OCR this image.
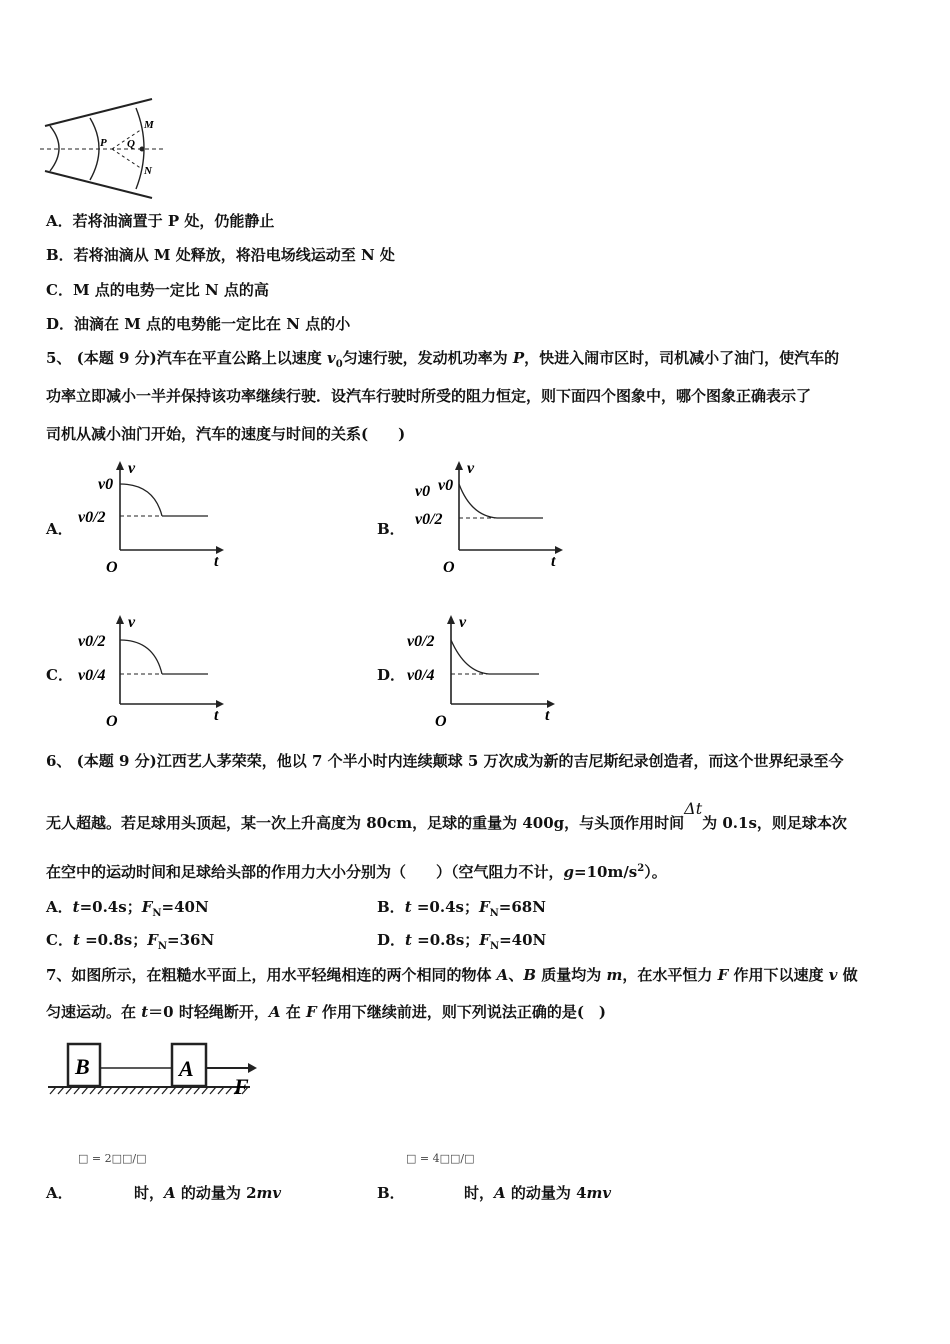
M
P Q
N
A．若将油滴置于 P 处，仍能静止
B．若将油滴从 M 处释放，将沿电场线运动至 N 处
C．M 点的电势一定比 N 点的高
D．油滴在 M 点的电势能一定比在 N 点的小
5、 (本题 9 分)汽车在平直公路上以速度 $v_0$匀速行驶，发动机功率为 P，快进入闹市区时，司机减小了油门，使汽车的
功率立即减小一半并保持该功率继续行驶．设汽车行驶时所受的阻力恒定，则下面四个图象中，哪个图象正确表示了
司机从减小油门开始，汽车的速度与时间的关系(　　)
A．	B．
C．	D．
v
v0
v0/2
t
O
v
v0 v0
v0/2
t
O
v
v0/2
v0/4
t
O
v
v0/2
v0/4
t
O
6、 (本题 9 分)江西艺人茅荣荣，他以 7 个半小时内连续颠球 5 万次成为新的吉尼斯纪录创造者，而这个世界纪录至今
无人超越。若足球用头顶起，某一次上升高度为 80cm，足球的重量为 400g，与头顶作用时间Δt为 0.1s，则足球本次
在空中的运动时间和足球给头部的作用力大小分别为（　　）（空气阻力不计，$g=10m/s^2$）。
A．t=0.4s；$F_N=40N$	B．t =0.4s；$F_N=68N$
C．t =0.8s；$F_N=36N$	D．t =0.8s；$F_N=40N$
7、如图所示，在粗糙水平面上，用水平轻绳相连的两个相同的物体 A、B 质量均为 m，在水平恒力 F 作用下以速度 v 做
匀速运动。在 t＝0 时轻绳断开，A 在 F 作用下继续前进，则下列说法正确的是(　)
B	A
F
□ = 2□□/□
A．	时，A 的动量为 2mv
□ = 4□□/□
B．	时，A 的动量为 4mv
